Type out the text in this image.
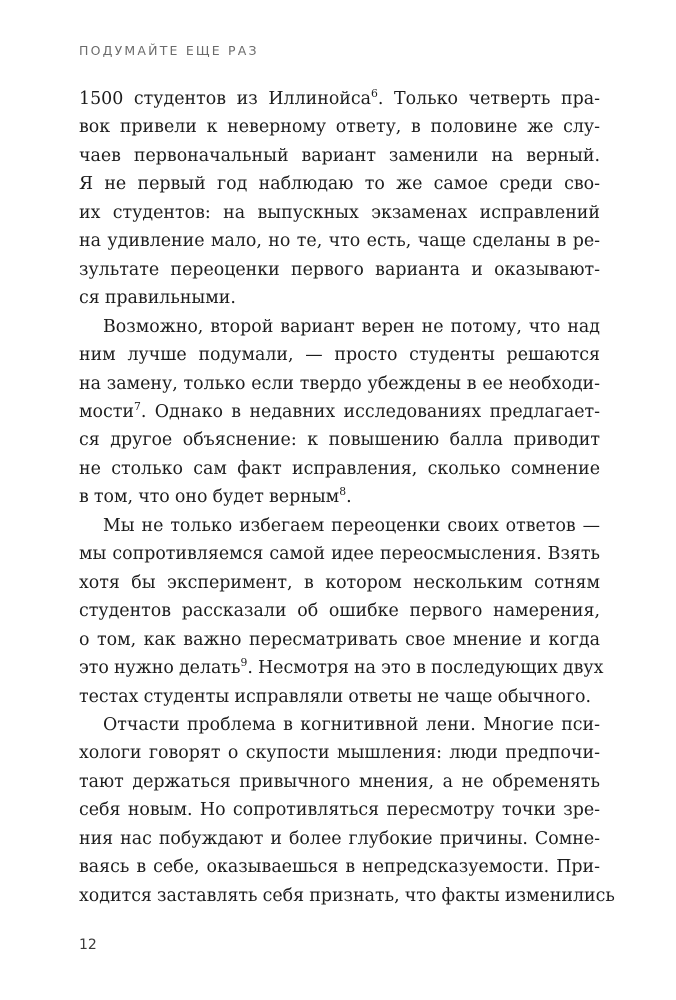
ПОДУМАЙТЕ ЕЩЕ РАЗ
1500 студентов из Иллинойса$^6$. Только четверть пра-
вок привели к неверному ответу, в половине же слу-
чаев первоначальный вариант заменили на верный.
Я не первый год наблюдаю то же самое среди сво-
их студентов: на выпускных экзаменах исправлений
на удивление мало, но те, что есть, чаще сделаны в ре-
зультате переоценки первого варианта и оказывают-
ся правильными.
Возможно, второй вариант верен не потому, что над
ним лучше подумали, — просто студенты решаются
на замену, только если твердо убеждены в ее необходи-
мости$^7$. Однако в недавних исследованиях предлагает-
ся другое объяснение: к повышению балла приводит
не столько сам факт исправления, сколько сомнение
в том, что оно будет верным$^8$.
Мы не только избегаем переоценки своих ответов —
мы сопротивляемся самой идее переосмысления. Взять
хотя бы эксперимент, в котором нескольким сотням
студентов рассказали об ошибке первого намерения,
о том, как важно пересматривать свое мнение и когда
это нужно делать$^9$. Несмотря на это в последующих двух
тестах студенты исправляли ответы не чаще обычного.
Отчасти проблема в когнитивной лени. Многие пси-
хологи говорят о скупости мышления: люди предпочи-
тают держаться привычного мнения, а не обременять
себя новым. Но сопротивляться пересмотру точки зре-
ния нас побуждают и более глубокие причины. Сомне-
ваясь в себе, оказываешься в непредсказуемости. При-
ходится заставлять себя признать, что факты изменились
12
